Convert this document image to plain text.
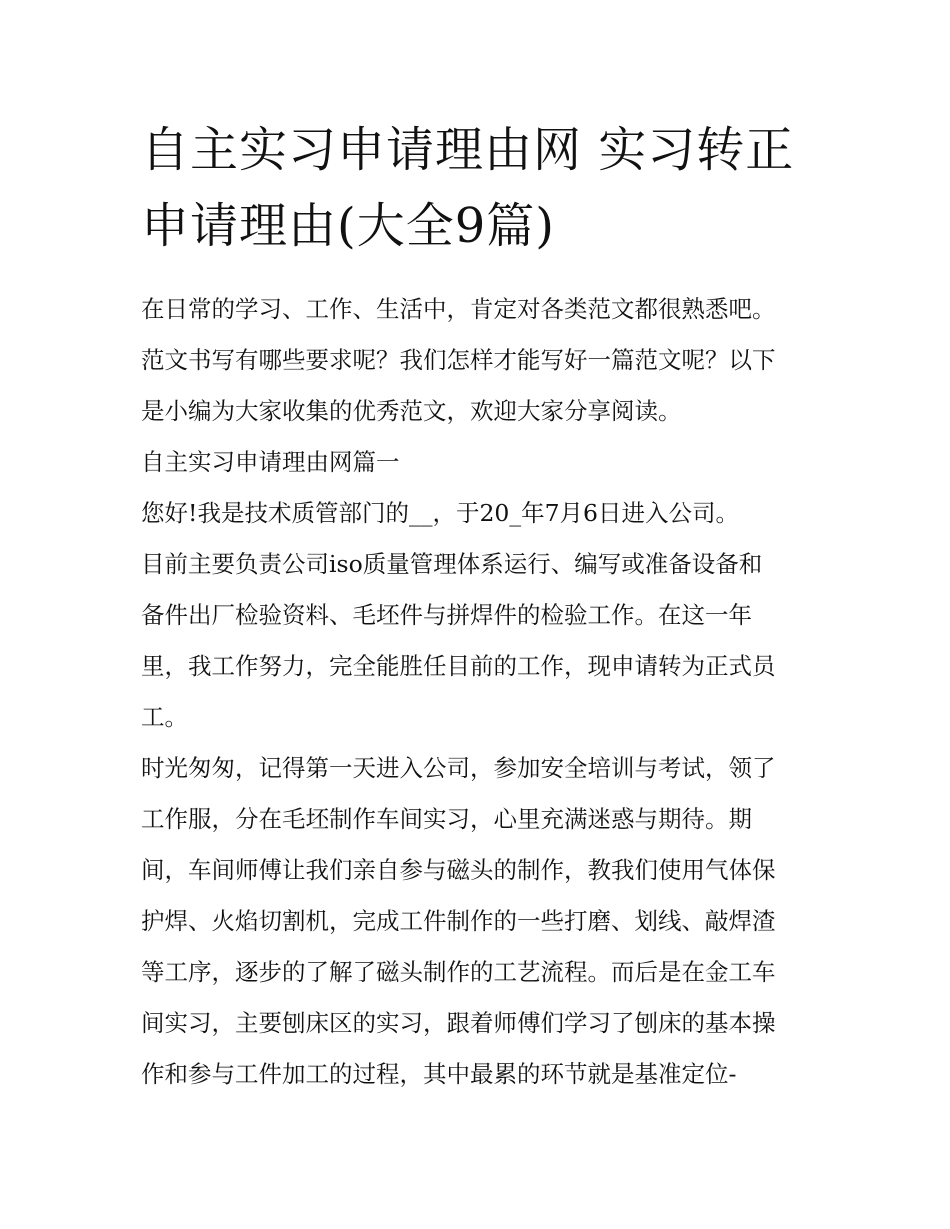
自主实习申请理由网 实习转正
申请理由(大全9篇)
在日常的学习、工作、生活中，肯定对各类范文都很熟悉吧。
范文书写有哪些要求呢？我们怎样才能写好一篇范文呢？以下
是小编为大家收集的优秀范文，欢迎大家分享阅读。
自主实习申请理由网篇一
您好!我是技术质管部门的__，于20_年7月6日进入公司。
目前主要负责公司iso质量管理体系运行、编写或准备设备和
备件出厂检验资料、毛坯件与拼焊件的检验工作。在这一年
里，我工作努力，完全能胜任目前的工作，现申请转为正式员
工。
时光匆匆，记得第一天进入公司，参加安全培训与考试，领了
工作服，分在毛坯制作车间实习，心里充满迷惑与期待。期
间，车间师傅让我们亲自参与磁头的制作，教我们使用气体保
护焊、火焰切割机，完成工件制作的一些打磨、划线、敲焊渣
等工序，逐步的了解了磁头制作的工艺流程。而后是在金工车
间实习，主要刨床区的实习，跟着师傅们学习了刨床的基本操
作和参与工件加工的过程，其中最累的环节就是基准定位-
